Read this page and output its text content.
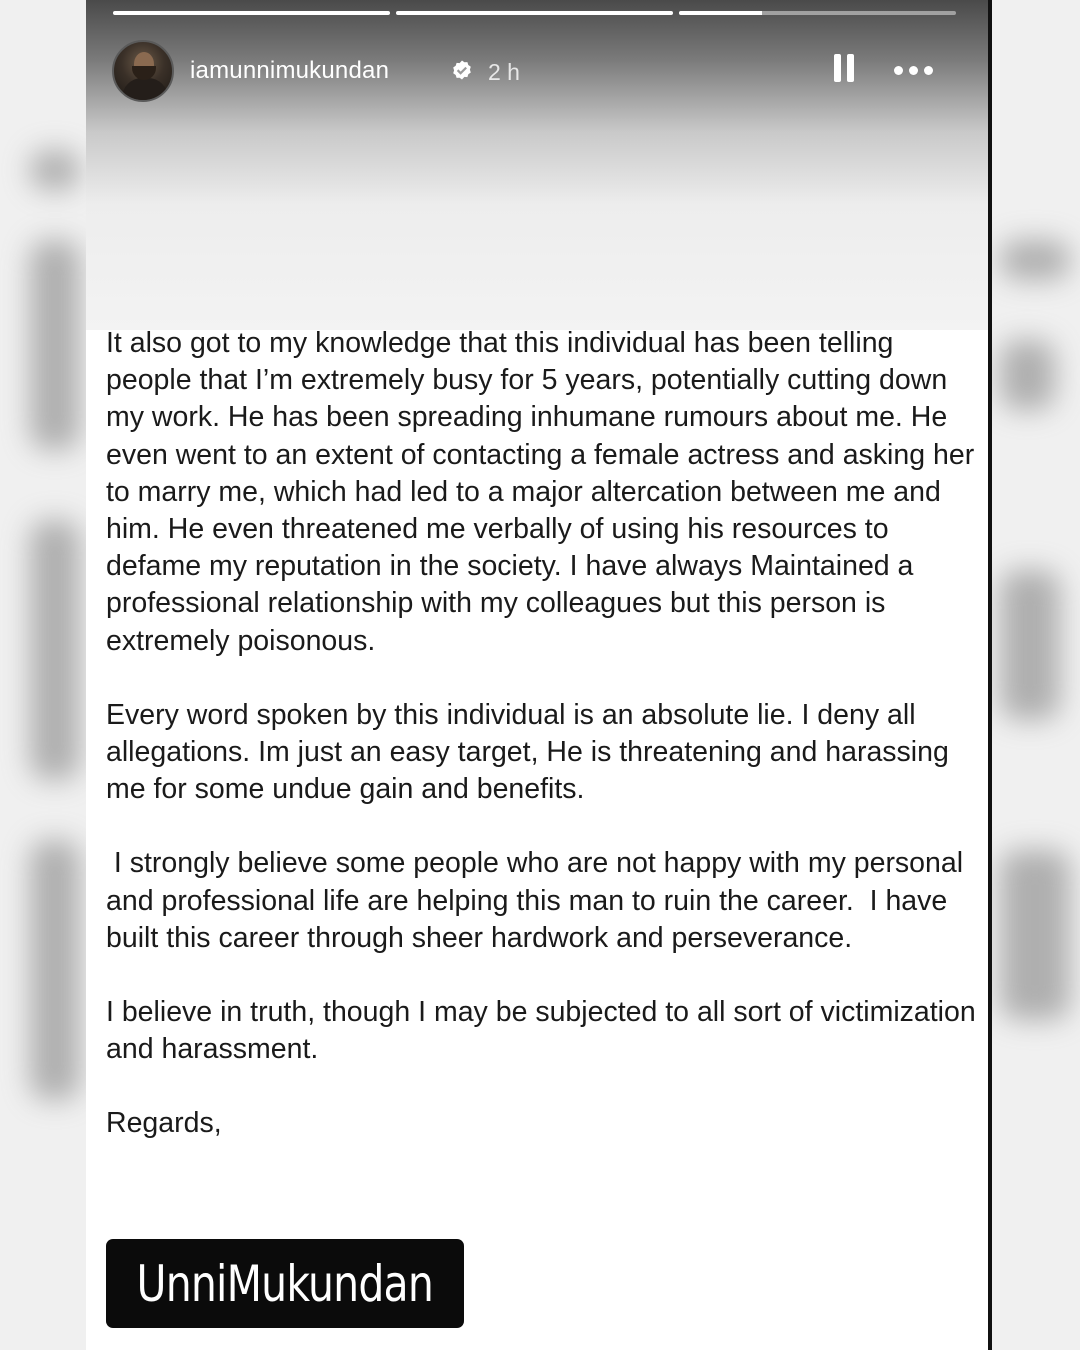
iamunnimukundan	2 h

It also got to my knowledge that this individual has been telling people that I’m extremely busy for 5 years, potentially cutting down my work. He has been spreading inhumane rumours about me. He even went to an extent of contacting a female actress and asking her to marry me, which had led to a major altercation between me and him. He even threatened me verbally of using his resources to defame my reputation in the society. I have always Maintained a professional relationship with my colleagues but this person is extremely poisonous.

Every word spoken by this individual is an absolute lie. I deny all allegations. Im just an easy target, He is threatening and harassing me for some undue gain and benefits.

I strongly believe some people who are not happy with my personal and professional life are helping this man to ruin the career.  I have built this career through sheer hardwork and perseverance.

I believe in truth, though I may be subjected to all sort of victimization and harassment.

Regards,

UnniMukundan
